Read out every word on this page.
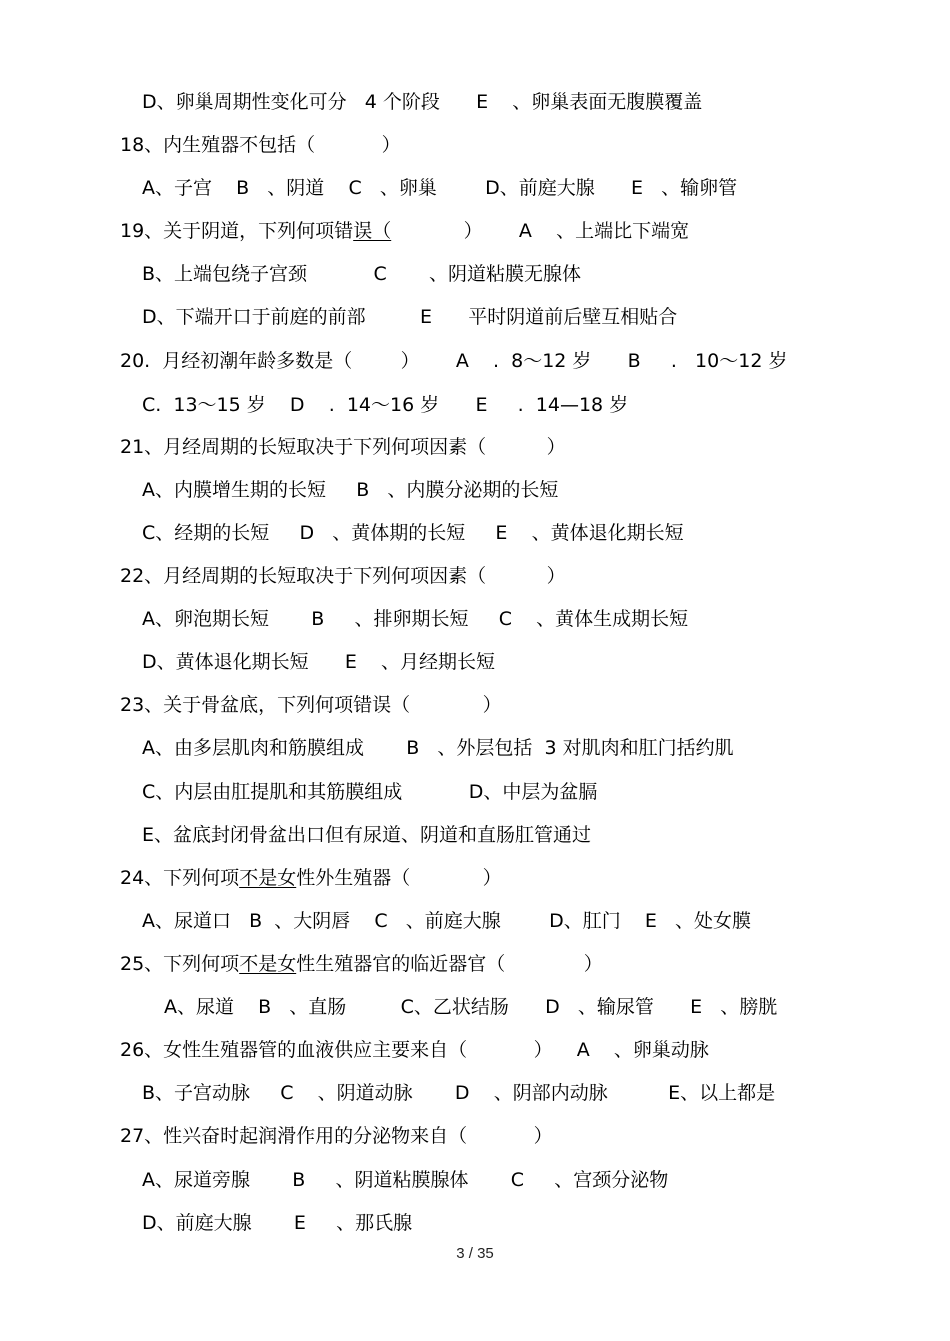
D、卵巢周期性变化可分   4 个阶段      E    、卵巢表面无腹膜覆盖
18、内生殖器不包括（           ）
A、子宫    B   、阴道    C   、卵巢        D、前庭大腺      E   、输卵管
19、关于阴道，下列何项错误（            ）      A    、上端比下端宽
B、上端包绕子宫颈           C       、阴道粘膜无腺体
D、下端开口于前庭的前部         E      平时阴道前后壁互相贴合
20.  月经初潮年龄多数是（        ）      A    .  8～12 岁      B     .   10～12 岁
C.  13～15 岁    D    .  14～16 岁      E     .  14—18 岁
21、月经周期的长短取决于下列何项因素（          ）
A、内膜增生期的长短     B   、内膜分泌期的长短
C、经期的长短     D   、黄体期的长短     E    、黄体退化期长短
22、月经周期的长短取决于下列何项因素（          ）
A、卵泡期长短       B     、排卵期长短     C    、黄体生成期长短
D、黄体退化期长短      E    、月经期长短
23、关于骨盆底，下列何项错误（            ）
A、由多层肌肉和筋膜组成       B   、外层包括  3 对肌肉和肛门括约肌
C、内层由肛提肌和其筋膜组成           D、中层为盆膈
E、盆底封闭骨盆出口但有尿道、阴道和直肠肛管通过
24、下列何项不是女性外生殖器（            ）
A、尿道口   B  、大阴唇    C   、前庭大腺        D、肛门    E   、处女膜
25、下列何项不是女性生殖器官的临近器官（             ）
A、尿道    B   、直肠         C、乙状结肠      D   、输尿管      E   、膀胱
26、女性生殖器管的血液供应主要来自（           ）    A    、卵巢动脉
B、子宫动脉     C    、阴道动脉       D    、阴部内动脉          E、以上都是
27、性兴奋时起润滑作用的分泌物来自（           ）
A、尿道旁腺       B     、阴道粘膜腺体       C     、宫颈分泌物
D、前庭大腺       E     、那氏腺
3 / 35
